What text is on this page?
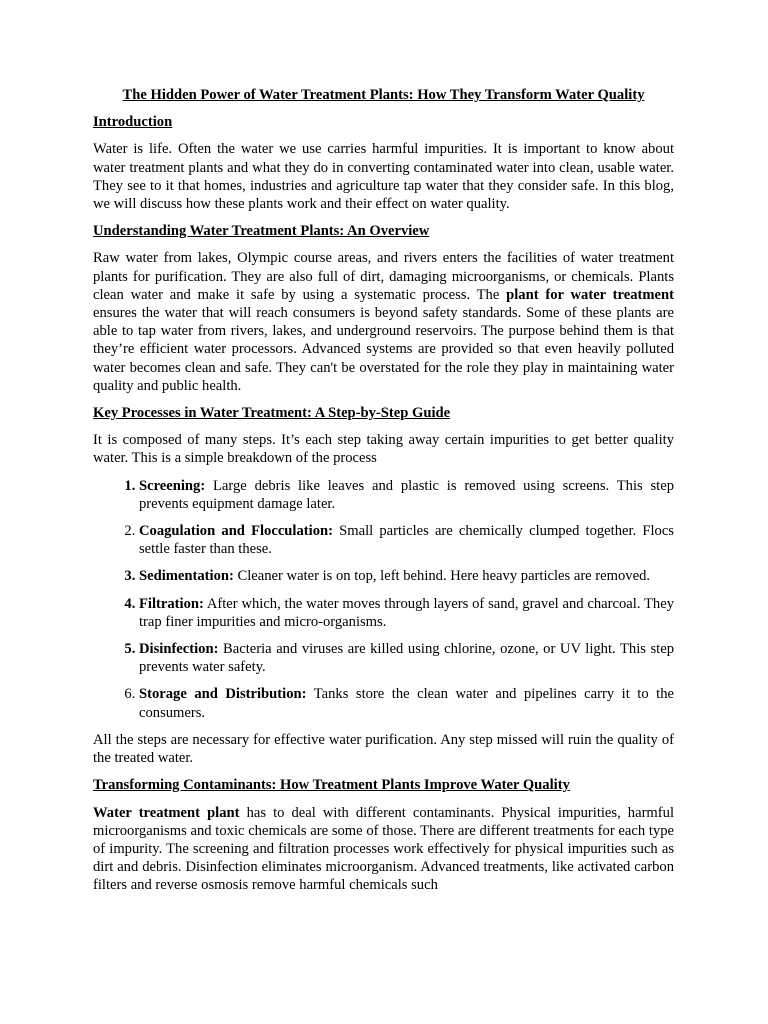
The Hidden Power of Water Treatment Plants: How They Transform Water Quality
Introduction

Water is life. Often the water we use carries harmful impurities. It is important to know about water treatment plants and what they do in converting contaminated water into clean, usable water. They see to it that homes, industries and agriculture tap water that they consider safe. In this blog, we will discuss how these plants work and their effect on water quality.

Understanding Water Treatment Plants: An Overview

Raw water from lakes, Olympic course areas, and rivers enters the facilities of water treatment plants for purification. They are also full of dirt, damaging microorganisms, or chemicals. Plants clean water and make it safe by using a systematic process. The plant for water treatment ensures the water that will reach consumers is beyond safety standards. Some of these plants are able to tap water from rivers, lakes, and underground reservoirs. The purpose behind them is that they’re efficient water processors. Advanced systems are provided so that even heavily polluted water becomes clean and safe. They can't be overstated for the role they play in maintaining water quality and public health.

Key Processes in Water Treatment: A Step-by-Step Guide

It is composed of many steps. It’s each step taking away certain impurities to get better quality water. This is a simple breakdown of the process

1. Screening: Large debris like leaves and plastic is removed using screens. This step prevents equipment damage later.
2. Coagulation and Flocculation: Small particles are chemically clumped together. Flocs settle faster than these.
3. Sedimentation: Cleaner water is on top, left behind. Here heavy particles are removed.
4. Filtration: After which, the water moves through layers of sand, gravel and charcoal. They trap finer impurities and micro-organisms.
5. Disinfection: Bacteria and viruses are killed using chlorine, ozone, or UV light. This step prevents water safety.
6. Storage and Distribution: Tanks store the clean water and pipelines carry it to the consumers.

All the steps are necessary for effective water purification. Any step missed will ruin the quality of the treated water.

Transforming Contaminants: How Treatment Plants Improve Water Quality

Water treatment plant has to deal with different contaminants. Physical impurities, harmful microorganisms and toxic chemicals are some of those. There are different treatments for each type of impurity. The screening and filtration processes work effectively for physical impurities such as dirt and debris. Disinfection eliminates microorganism. Advanced treatments, like activated carbon filters and reverse osmosis remove harmful chemicals such
